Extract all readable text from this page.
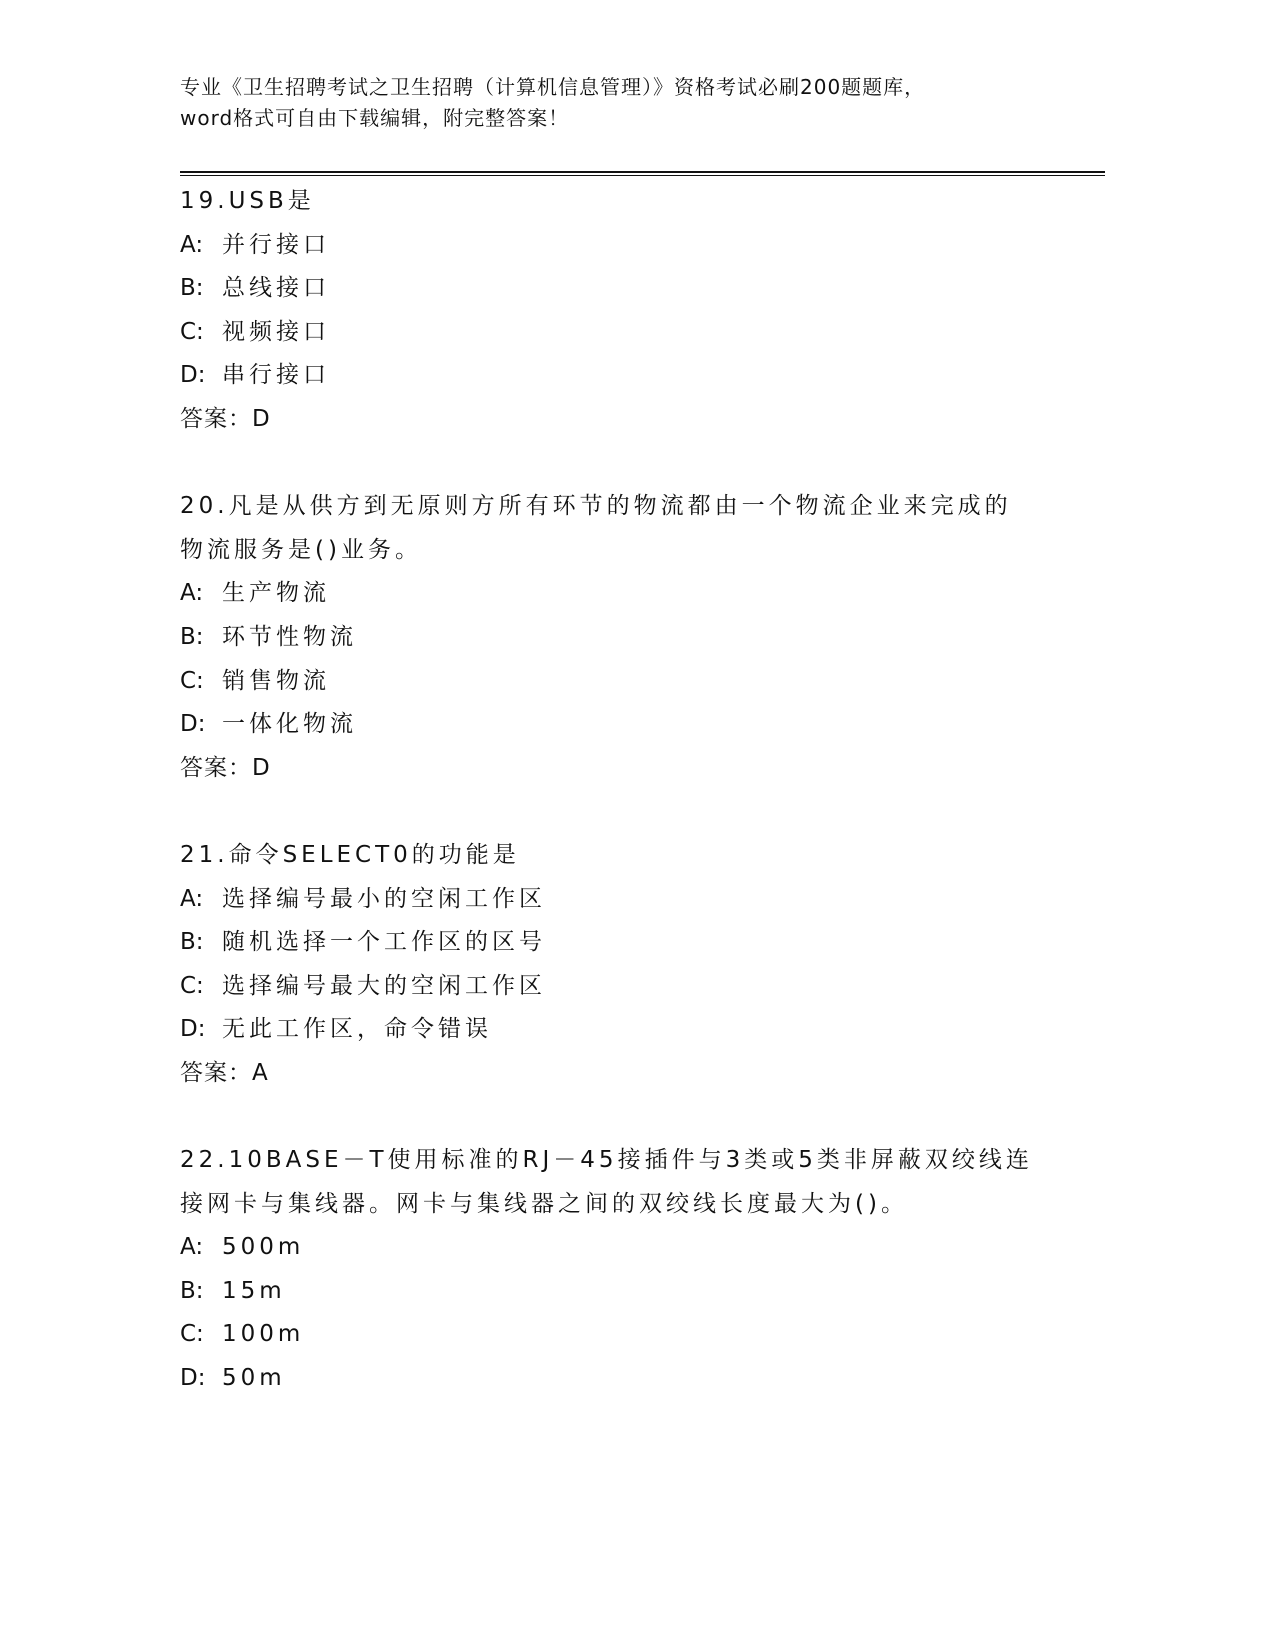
专业《卫生招聘考试之卫生招聘（计算机信息管理）》资格考试必刷200题题库，
word格式可自由下载编辑，附完整答案！
19.USB是
A: 并行接口
B: 总线接口
C: 视频接口
D: 串行接口
答案：D
20.凡是从供方到无原则方所有环节的物流都由一个物流企业来完成的
物流服务是()业务。
A: 生产物流
B: 环节性物流
C: 销售物流
D: 一体化物流
答案：D
21.命令SELECT0的功能是
A: 选择编号最小的空闲工作区
B: 随机选择一个工作区的区号
C: 选择编号最大的空闲工作区
D: 无此工作区，命令错误
答案：A
22.10BASE－T使用标准的RJ－45接插件与3类或5类非屏蔽双绞线连
接网卡与集线器。网卡与集线器之间的双绞线长度最大为()。
A: 500m
B: 15m
C: 100m
D: 50m
